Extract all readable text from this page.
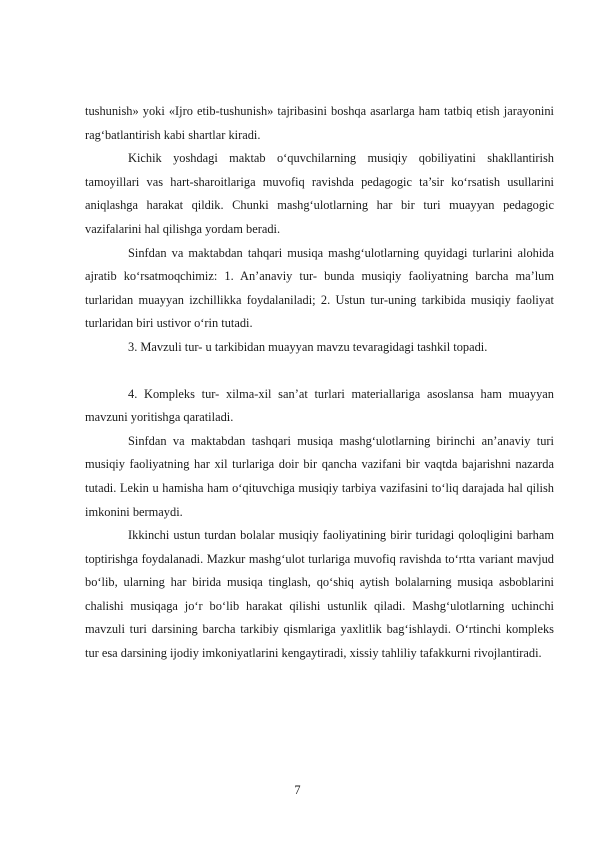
tushunish» yoki «Ijro etib-tushunish» tajribasini boshqa asarlarga ham tatbiq etish jarayonini rag‘batlantirish kabi shartlar kiradi.

Kichik yoshdagi maktab o‘quvchilarning musiqiy qobiliyatini shakllantirish tamoyillari vas hart-sharoitlariga muvofiq ravishda pedagogic ta’sir ko‘rsatish usullarini aniqlashga harakat qildik. Chunki mashg‘ulotlarning har bir turi muayyan pedagogic vazifalarini hal qilishga yordam beradi.

Sinfdan va maktabdan tahqari musiqa mashg‘ulotlarning quyidagi turlarini alohida ajratib ko‘rsatmoqchimiz: 1. An’anaviy tur- bunda musiqiy faoliyatning barcha ma’lum turlaridan muayyan izchillikka foydalaniladi; 2. Ustun tur-uning tarkibida musiqiy faoliyat turlaridan biri ustivor o‘rin tutadi.

3. Mavzuli tur- u tarkibidan muayyan mavzu tevaragidagi tashkil topadi.

4. Kompleks tur- xilma-xil san’at turlari materiallariga asoslansa ham muayyan mavzuni yoritishga qaratiladi.

Sinfdan va maktabdan tashqari musiqa mashg‘ulotlarning birinchi an’anaviy turi musiqiy faoliyatning har xil turlariga doir bir qancha vazifani bir vaqtda bajarishni nazarda tutadi. Lekin u hamisha ham o‘qituvchiga musiqiy tarbiya vazifasini to‘liq darajada hal qilish imkonini bermaydi.

Ikkinchi ustun turdan bolalar musiqiy faoliyatining birir turidagi qoloqligini barham toptirishga foydalanadi. Mazkur mashg‘ulot turlariga muvofiq ravishda to‘rtta variant mavjud bo‘lib, ularning har birida musiqa tinglash, qo‘shiq aytish bolalarning musiqa asboblarini chalishi musiqaga jo‘r bo‘lib harakat qilishi ustunlik qiladi. Mashg‘ulotlarning uchinchi mavzuli turi darsining barcha tarkibiy qismlariga yaxlitlik bag‘ishlaydi. O‘rtinchi kompleks tur esa darsining ijodiy imkoniyatlarini kengaytiradi, xissiy tahliliy tafakkurni rivojlantiradi.

7
